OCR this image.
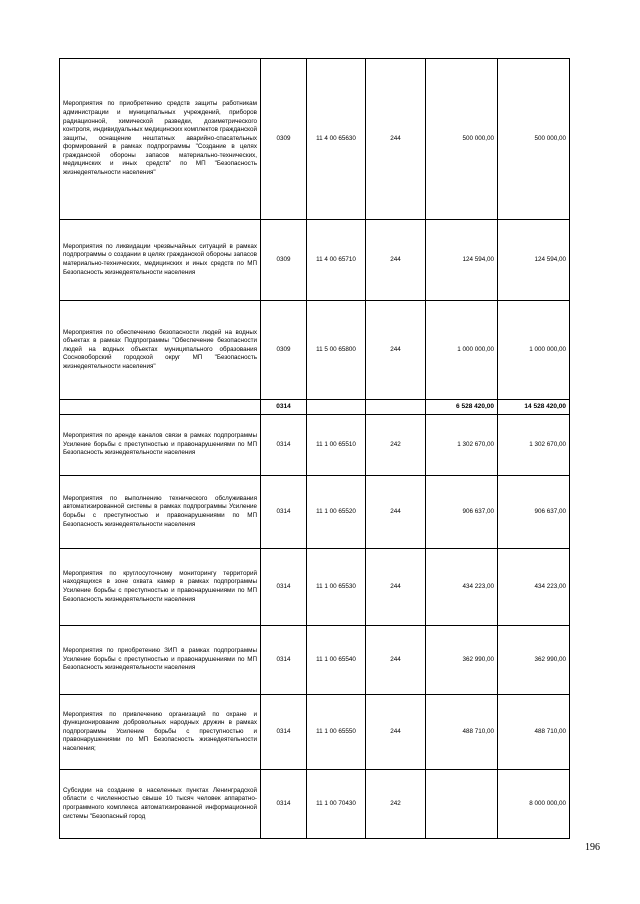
Мероприятия по приобретению средств защиты работникам администрации и муниципальных учреждений, приборов радиационной, химической разведки, дозиметрического контроля, индивидуальных медицинских комплектов гражданской защиты, оснащение нештатных аварийно-спасательных формирований в рамках подпрограммы "Создание в целях гражданской обороны запасов материально-технических, медицинских и иных средств" по МП "Безопасность жизнедеятельности населения"	0309	11 4 00 65630	244	500 000,00	500 000,00
Мероприятия по ликвидации чрезвычайных ситуаций в рамках подпрограммы о создании в целях гражданской обороны запасов материально-технических, медицинских и иных средств по МП Безопасность жизнедеятельности населения	0309	11 4 00 65710	244	124 594,00	124 594,00
Мероприятия по обеспечению безопасности людей на водных объектах в рамках Подпрограммы "Обеспечение безопасности людей на водных объектах муниципального образования Сосновоборский городской округ МП "Безопасность жизнедеятельности населения"	0309	11 5 00 65800	244	1 000 000,00	1 000 000,00
	0314			6 528 420,00	14 528 420,00
Мероприятия по аренде каналов связи в рамках подпрограммы Усиление борьбы с преступностью и правонарушениями по МП Безопасность жизнедеятельности населения	0314	11 1 00 65510	242	1 302 670,00	1 302 670,00
Мероприятия по выполнению технического обслуживания автоматизированной системы в рамках подпрограммы Усиление борьбы с преступностью и правонарушениями по МП Безопасность жизнедеятельности населения	0314	11 1 00 65520	244	906 637,00	906 637,00
Мероприятия по круглосуточному мониторингу территорий находящихся в зоне охвата камер в рамках подпрограммы Усиление борьбы с преступностью и правонарушениями по МП Безопасность жизнедеятельности населения	0314	11 1 00 65530	244	434 223,00	434 223,00
Мероприятия по приобретению ЗИП в рамках подпрограммы Усиление борьбы с преступностью и правонарушениями по МП Безопасность жизнедеятельности населения	0314	11 1 00 65540	244	362 990,00	362 990,00
Мероприятия по привлечению организаций по охране и функционирование добровольных народных дружин в рамках подпрограммы Усиление борьбы с преступностью и правонарушениями по МП Безопасность жизнедеятельности населения;	0314	11 1 00 65550	244	488 710,00	488 710,00
Субсидии на создание в населенных пунктах Ленинградской области с численностью свыше 10 тысяч человек аппаратно-программного комплекса автоматизированной информационной системы "Безопасный город	0314	11 1 00 70430	242		8 000 000,00
196
